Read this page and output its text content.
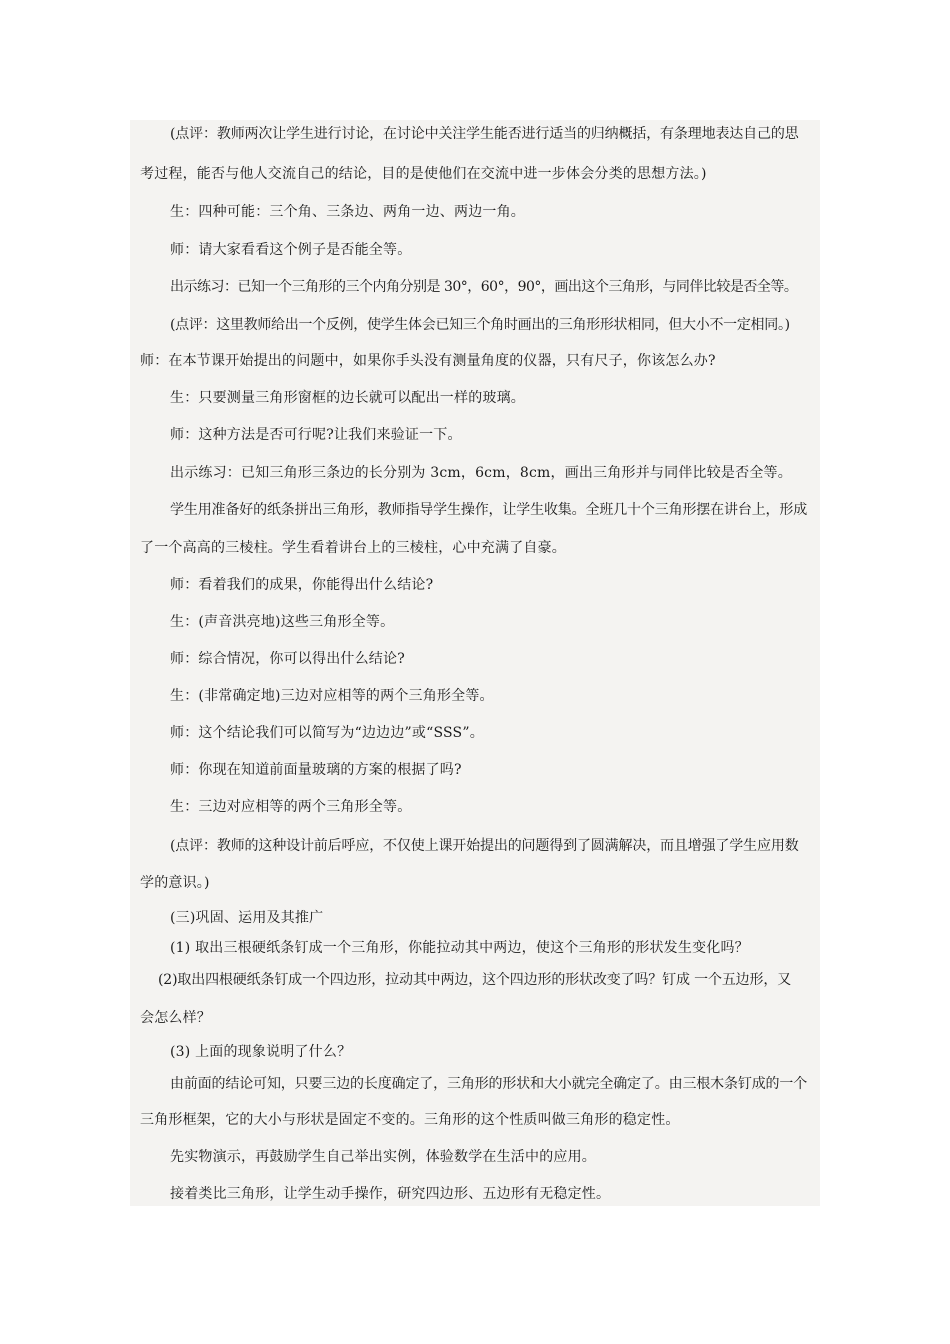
(点评：教师两次让学生进行讨论，在讨论中关注学生能否进行适当的归纳概括，有条理地表达自己的思
考过程，能否与他人交流自己的结论，目的是使他们在交流中进一步体会分类的思想方法。)
生：四种可能：三个角、三条边、两角一边、两边一角。
师：请大家看看这个例子是否能全等。
出示练习：已知一个三角形的三个内角分别是 30°，60°，90°，画出这个三角形，与同伴比较是否全等。
(点评：这里教师给出一个反例，使学生体会已知三个角时画出的三角形形状相同，但大小不一定相同。)
师：在本节课开始提出的问题中，如果你手头没有测量角度的仪器，只有尺子，你该怎么办?
生：只要测量三角形窗框的边长就可以配出一样的玻璃。
师：这种方法是否可行呢?让我们来验证一下。
出示练习：已知三角形三条边的长分别为 3cm，6cm，8cm，画出三角形并与同伴比较是否全等。
学生用准备好的纸条拼出三角形，教师指导学生操作，让学生收集。全班几十个三角形摆在讲台上，形成
了一个高高的三棱柱。学生看着讲台上的三棱柱，心中充满了自豪。
师：看着我们的成果，你能得出什么结论?
生：(声音洪亮地)这些三角形全等。
师：综合情况，你可以得出什么结论?
生：(非常确定地)三边对应相等的两个三角形全等。
师：这个结论我们可以简写为“边边边”或“SSS”。
师：你现在知道前面量玻璃的方案的根据了吗?
生：三边对应相等的两个三角形全等。
(点评：教师的这种设计前后呼应，不仅使上课开始提出的问题得到了圆满解决，而且增强了学生应用数
学的意识。)
(三)巩固、运用及其推广
(1) 取出三根硬纸条钉成一个三角形，你能拉动其中两边，使这个三角形的形状发生变化吗？
(2)取出四根硬纸条钉成一个四边形，拉动其中两边，这个四边形的形状改变了吗？钉成 一个五边形，又
会怎么样？
(3) 上面的现象说明了什么？
由前面的结论可知，只要三边的长度确定了，三角形的形状和大小就完全确定了。由三根木条钉成的一个
三角形框架，它的大小与形状是固定不变的。三角形的这个性质叫做三角形的稳定性。
先实物演示，再鼓励学生自己举出实例，体验数学在生活中的应用。
接着类比三角形，让学生动手操作，研究四边形、五边形有无稳定性。
